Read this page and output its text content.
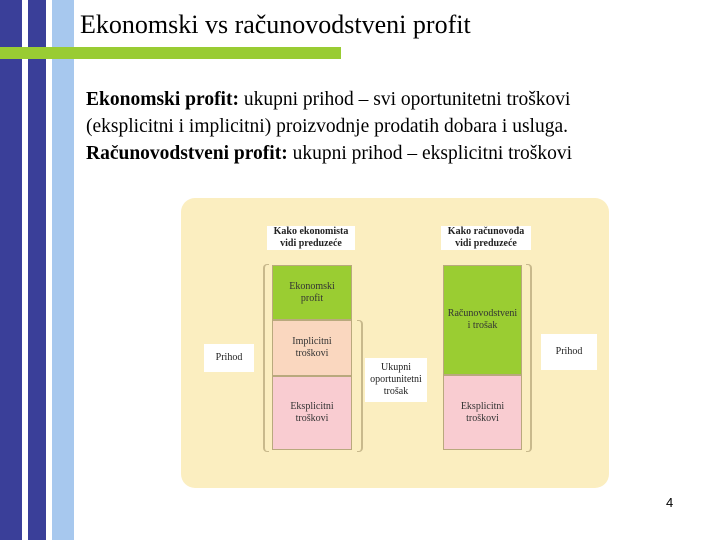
Ekonomski vs računovodstveni profit
Ekonomski profit: ukupni prihod – svi oportunitetni troškovi
(eksplicitni i implicitni) proizvodnje prodatih dobara i usluga.
Računovodstveni profit: ukupni prihod – eksplicitni troškovi
Kako ekonomista
vidi preduzeće
Kako računovođa
vidi preduzeće
Ekonomski
profit
Implicitni
troškovi
Eksplicitni
troškovi
Računovodstveni
i trošak
Eksplicitni
troškovi
Prihod
Prihod
Ukupni
oportunitetni
trošak
4
